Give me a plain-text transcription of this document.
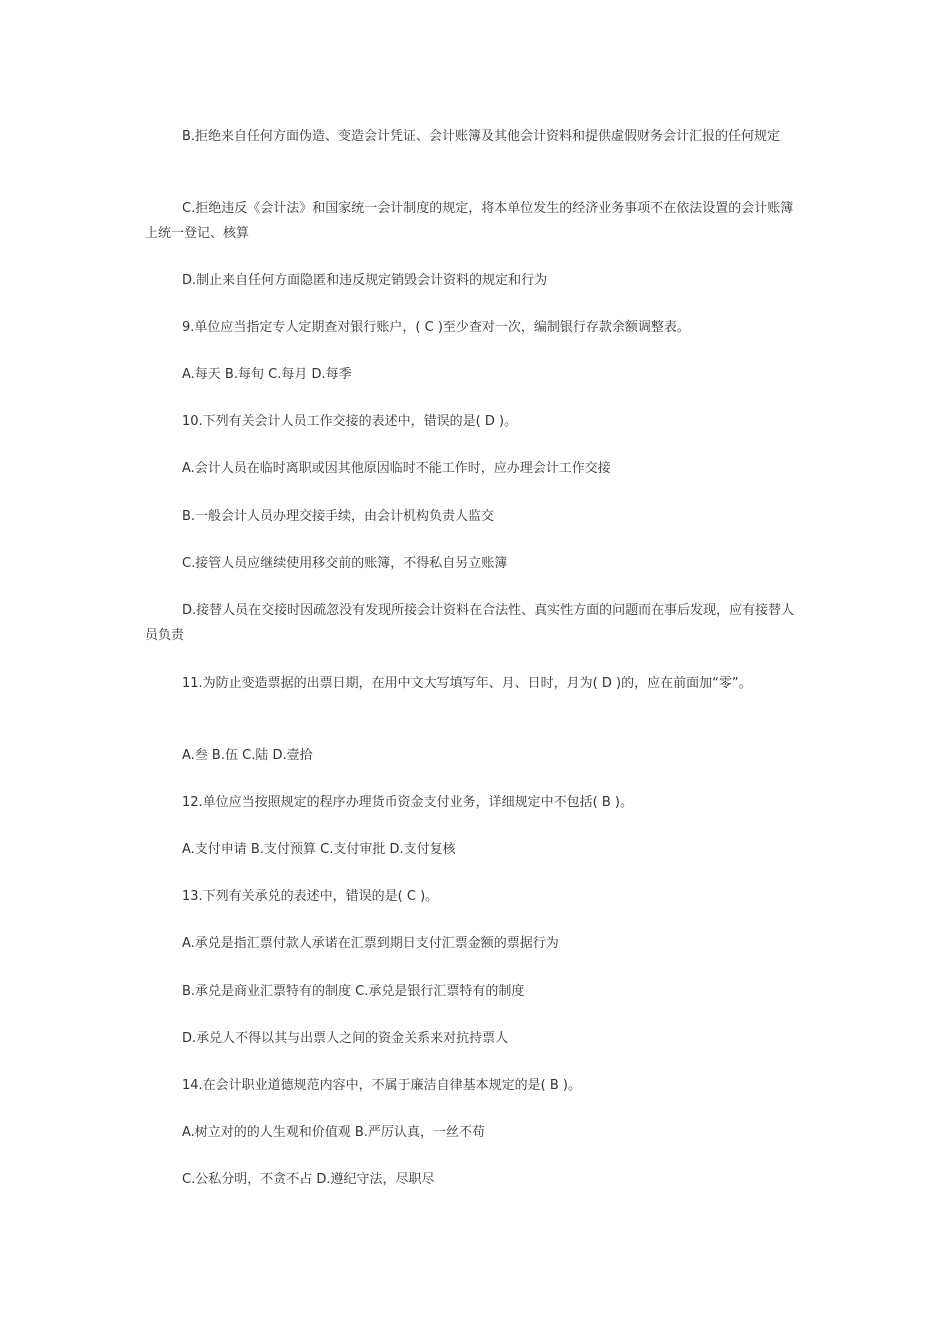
B.拒绝来自任何方面伪造、变造会计凭证、会计账簿及其他会计资料和提供虚假财务会计汇报的任何规定

C.拒绝违反《会计法》和国家统一会计制度的规定，将本单位发生的经济业务事项不在依法设置的会计账簿上统一登记、核算

D.制止来自任何方面隐匿和违反规定销毁会计资料的规定和行为

9.单位应当指定专人定期查对银行账户，( C )至少查对一次，编制银行存款余额调整表。

A.每天 B.每旬 C.每月 D.每季

10.下列有关会计人员工作交接的表述中，错误的是( D )。

A.会计人员在临时离职或因其他原因临时不能工作时，应办理会计工作交接

B.一般会计人员办理交接手续，由会计机构负责人监交

C.接管人员应继续使用移交前的账簿，不得私自另立账簿

D.接替人员在交接时因疏忽没有发现所接会计资料在合法性、真实性方面的问题而在事后发现，应有接替人员负责

11.为防止变造票据的出票日期，在用中文大写填写年、月、日时，月为( D )的，应在前面加“零”。

A.叁 B.伍 C.陆 D.壹拾

12.单位应当按照规定的程序办理货币资金支付业务，详细规定中不包括( B )。

A.支付申请 B.支付预算 C.支付审批 D.支付复核

13.下列有关承兑的表述中，错误的是( C )。

A.承兑是指汇票付款人承诺在汇票到期日支付汇票金额的票据行为

B.承兑是商业汇票特有的制度 C.承兑是银行汇票特有的制度

D.承兑人不得以其与出票人之间的资金关系来对抗持票人

14.在会计职业道德规范内容中，不属于廉洁自律基本规定的是( B )。

A.树立对的的人生观和价值观 B.严厉认真，一丝不苟

C.公私分明，不贪不占 D.遵纪守法，尽职尽
